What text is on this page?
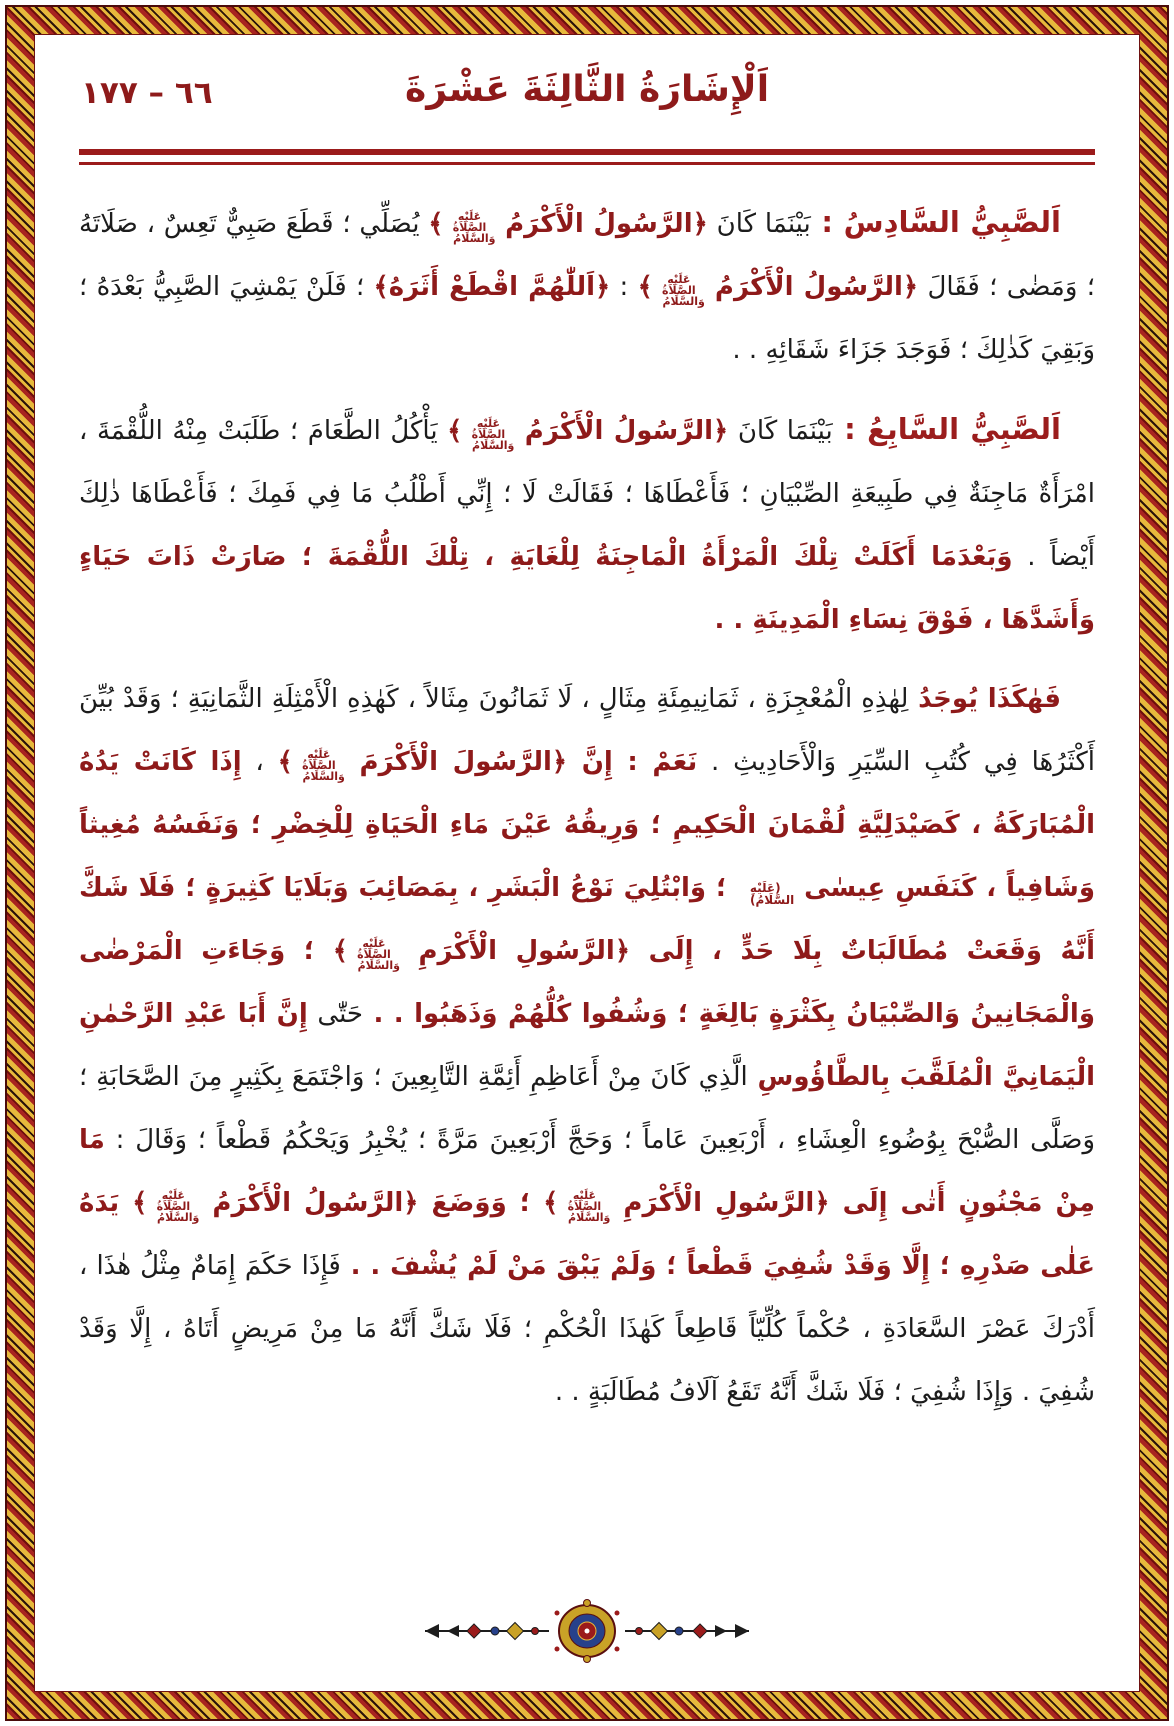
٦٦ – ١٧٧	اَلْإِشَارَةُ الثَّالِثَةَ عَشْرَةَ

اَلصَّبِيُّ السَّادِسُ : بَيْنَمَا كَانَ ﴿الرَّسُولُ الْأَكْرَمُ عَلَيْهِ الصَّلَاةُ وَالسَّلَامُ﴾ يُصَلِّي ؛ قَطَعَ صَبِيٌّ تَعِسٌ ، صَلَاتَهُ ؛ وَمَضٰى ؛ فَقَالَ ﴿الرَّسُولُ الْأَكْرَمُ عَلَيْهِ الصَّلَاةُ وَالسَّلَامُ﴾ : ﴿اَللّٰهُمَّ اقْطَعْ أَثَرَهُ﴾ ؛ فَلَنْ يَمْشِيَ الصَّبِيُّ بَعْدَهُ ؛ وَبَقِيَ كَذٰلِكَ ؛ فَوَجَدَ جَزَاءَ شَقَائِهِ . .

اَلصَّبِيُّ السَّابِعُ : بَيْنَمَا كَانَ ﴿الرَّسُولُ الْأَكْرَمُ عَلَيْهِ الصَّلَاةُ وَالسَّلَامُ﴾ يَأْكُلُ الطَّعَامَ ؛ طَلَبَتْ مِنْهُ اللُّقْمَةَ ، امْرَأَةٌ مَاجِنَةٌ فِي طَبِيعَةِ الصِّبْيَانِ ؛ فَأَعْطَاهَا ؛ فَقَالَتْ لَا ؛ إِنِّي أَطْلُبُ مَا فِي فَمِكَ ؛ فَأَعْطَاهَا ذٰلِكَ أَيْضاً . وَبَعْدَمَا أَكَلَتْ تِلْكَ الْمَرْأَةُ الْمَاجِنَةُ لِلْغَايَةِ ، تِلْكَ اللُّقْمَةَ ؛ صَارَتْ ذَاتَ حَيَاءٍ وَأَشَدَّهَا ، فَوْقَ نِسَاءِ الْمَدِينَةِ . .

فَهٰكَذَا يُوجَدُ لِهٰذِهِ الْمُعْجِزَةِ ، ثَمَانِيمِئَةِ مِثَالٍ ، لَا ثَمَانُونَ مِثَالاً ، كَهٰذِهِ الْأَمْثِلَةِ الثَّمَانِيَةِ ؛ وَقَدْ بُيِّنَ أَكْثَرُهَا فِي كُتُبِ السِّيَرِ وَالْأَحَادِيثِ . نَعَمْ : إِنَّ ﴿الرَّسُولَ الْأَكْرَمَ عَلَيْهِ الصَّلَاةُ وَالسَّلَامُ﴾ ، إِذَا كَانَتْ يَدُهُ الْمُبَارَكَةُ ، كَصَيْدَلِيَّةِ لُقْمَانَ الْحَكِيمِ ؛ وَرِيقُهُ عَيْنَ مَاءِ الْحَيَاةِ لِلْخِضْرِ ؛ وَنَفَسُهُ مُغِيثاً وَشَافِياً ، كَنَفَسِ عِيسٰى (عَلَيْهِ السَّلَامُ) ؛ وَابْتُلِيَ نَوْعُ الْبَشَرِ ، بِمَصَائِبَ وَبَلَايَا كَثِيرَةٍ ؛ فَلَا شَكَّ أَنَّهُ وَقَعَتْ مُطَالَبَاتٌ بِلَا حَدٍّ ، إِلَى ﴿الرَّسُولِ الْأَكْرَمِ عَلَيْهِ الصَّلَاةُ وَالسَّلَامُ﴾ ؛ وَجَاءَتِ الْمَرْضٰى وَالْمَجَانِينُ وَالصِّبْيَانُ بِكَثْرَةٍ بَالِغَةٍ ؛ وَشُفُوا كُلُّهُمْ وَذَهَبُوا . . حَتّٰى إِنَّ أَبَا عَبْدِ الرَّحْمٰنِ الْيَمَانِيَّ الْمُلَقَّبَ بِالطَّاؤُوسِ الَّذِي كَانَ مِنْ أَعَاظِمِ أَئِمَّةِ التَّابِعِينَ ؛ وَاجْتَمَعَ بِكَثِيرٍ مِنَ الصَّحَابَةِ ؛ وَصَلَّى الصُّبْحَ بِوُضُوءِ الْعِشَاءِ ، أَرْبَعِينَ عَاماً ؛ وَحَجَّ أَرْبَعِينَ مَرَّةً ؛ يُخْبِرُ وَيَحْكُمُ قَطْعاً ؛ وَقَالَ : مَا مِنْ مَجْنُونٍ أَتٰى إِلَى ﴿الرَّسُولِ الْأَكْرَمِ عَلَيْهِ الصَّلَاةُ وَالسَّلَامُ﴾ ؛ وَوَضَعَ ﴿الرَّسُولُ الْأَكْرَمُ عَلَيْهِ الصَّلَاةُ وَالسَّلَامُ﴾ يَدَهُ عَلٰى صَدْرِهِ ؛ إِلَّا وَقَدْ شُفِيَ قَطْعاً ؛ وَلَمْ يَبْقَ مَنْ لَمْ يُشْفَ . . فَإِذَا حَكَمَ إِمَامٌ مِثْلُ هٰذَا ، أَدْرَكَ عَصْرَ السَّعَادَةِ ، حُكْماً كُلِّيّاً قَاطِعاً كَهٰذَا الْحُكْمِ ؛ فَلَا شَكَّ أَنَّهُ مَا مِنْ مَرِيضٍ أَتَاهُ ، إِلَّا وَقَدْ شُفِيَ . وَإِذَا شُفِيَ ؛ فَلَا شَكَّ أَنَّهُ تَقَعُ آلَافُ مُطَالَبَةٍ . .
